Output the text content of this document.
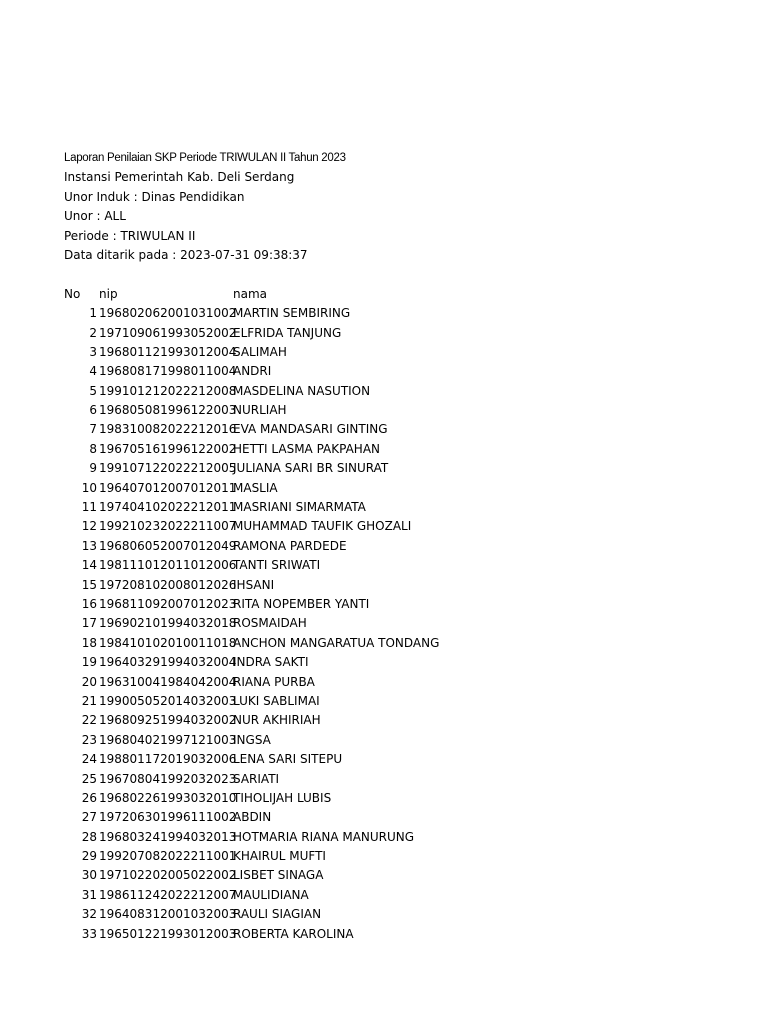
Laporan Penilaian SKP Periode TRIWULAN II Tahun 2023
Instansi Pemerintah Kab. Deli Serdang
Unor Induk : Dinas Pendidikan
Unor : ALL
Periode : TRIWULAN II
Data ditarik pada : 2023-07-31 09:38:37
No	nip	nama
1 196802062001031002
MARTIN SEMBIRING
2 197109061993052002
ELFRIDA TANJUNG
3 196801121993012004
SALIMAH
4 196808171998011004
ANDRI
5 199101212022212008
MASDELINA NASUTION
6 196805081996122003
NURLIAH
7 198310082022212016
EVA MANDASARI GINTING
8 196705161996122002
HETTI LASMA PAKPAHAN
9 199107122022212005
JULIANA SARI BR SINURAT
10 196407012007012011
MASLIA
11 197404102022212011
MASRIANI SIMARMATA
12 199210232022211007
MUHAMMAD TAUFIK GHOZALI
13 196806052007012049
RAMONA PARDEDE
14 198111012011012006
TANTI SRIWATI
15 197208102008012026
IHSANI
16 196811092007012023
RITA NOPEMBER YANTI
17 196902101994032018
ROSMAIDAH
18 198410102010011018
ANCHON MANGARATUA TONDANG
19 196403291994032004
INDRA SAKTI
20 196310041984042004
RIANA PURBA
21 199005052014032003
LUKI SABLIMAI
22 196809251994032002
NUR AKHIRIAH
23 196804021997121003
INGSA
24 198801172019032006
LENA SARI SITEPU
25 196708041992032023
SARIATI
26 196802261993032010
TIHOLIJAH LUBIS
27 197206301996111002
ABDIN
28 196803241994032013
HOTMARIA RIANA MANURUNG
29 199207082022211001
KHAIRUL MUFTI
30 197102202005022002
LISBET SINAGA
31 198611242022212007
MAULIDIANA
32 196408312001032003
RAULI SIAGIAN
33 196501221993012003
ROBERTA KAROLINA
